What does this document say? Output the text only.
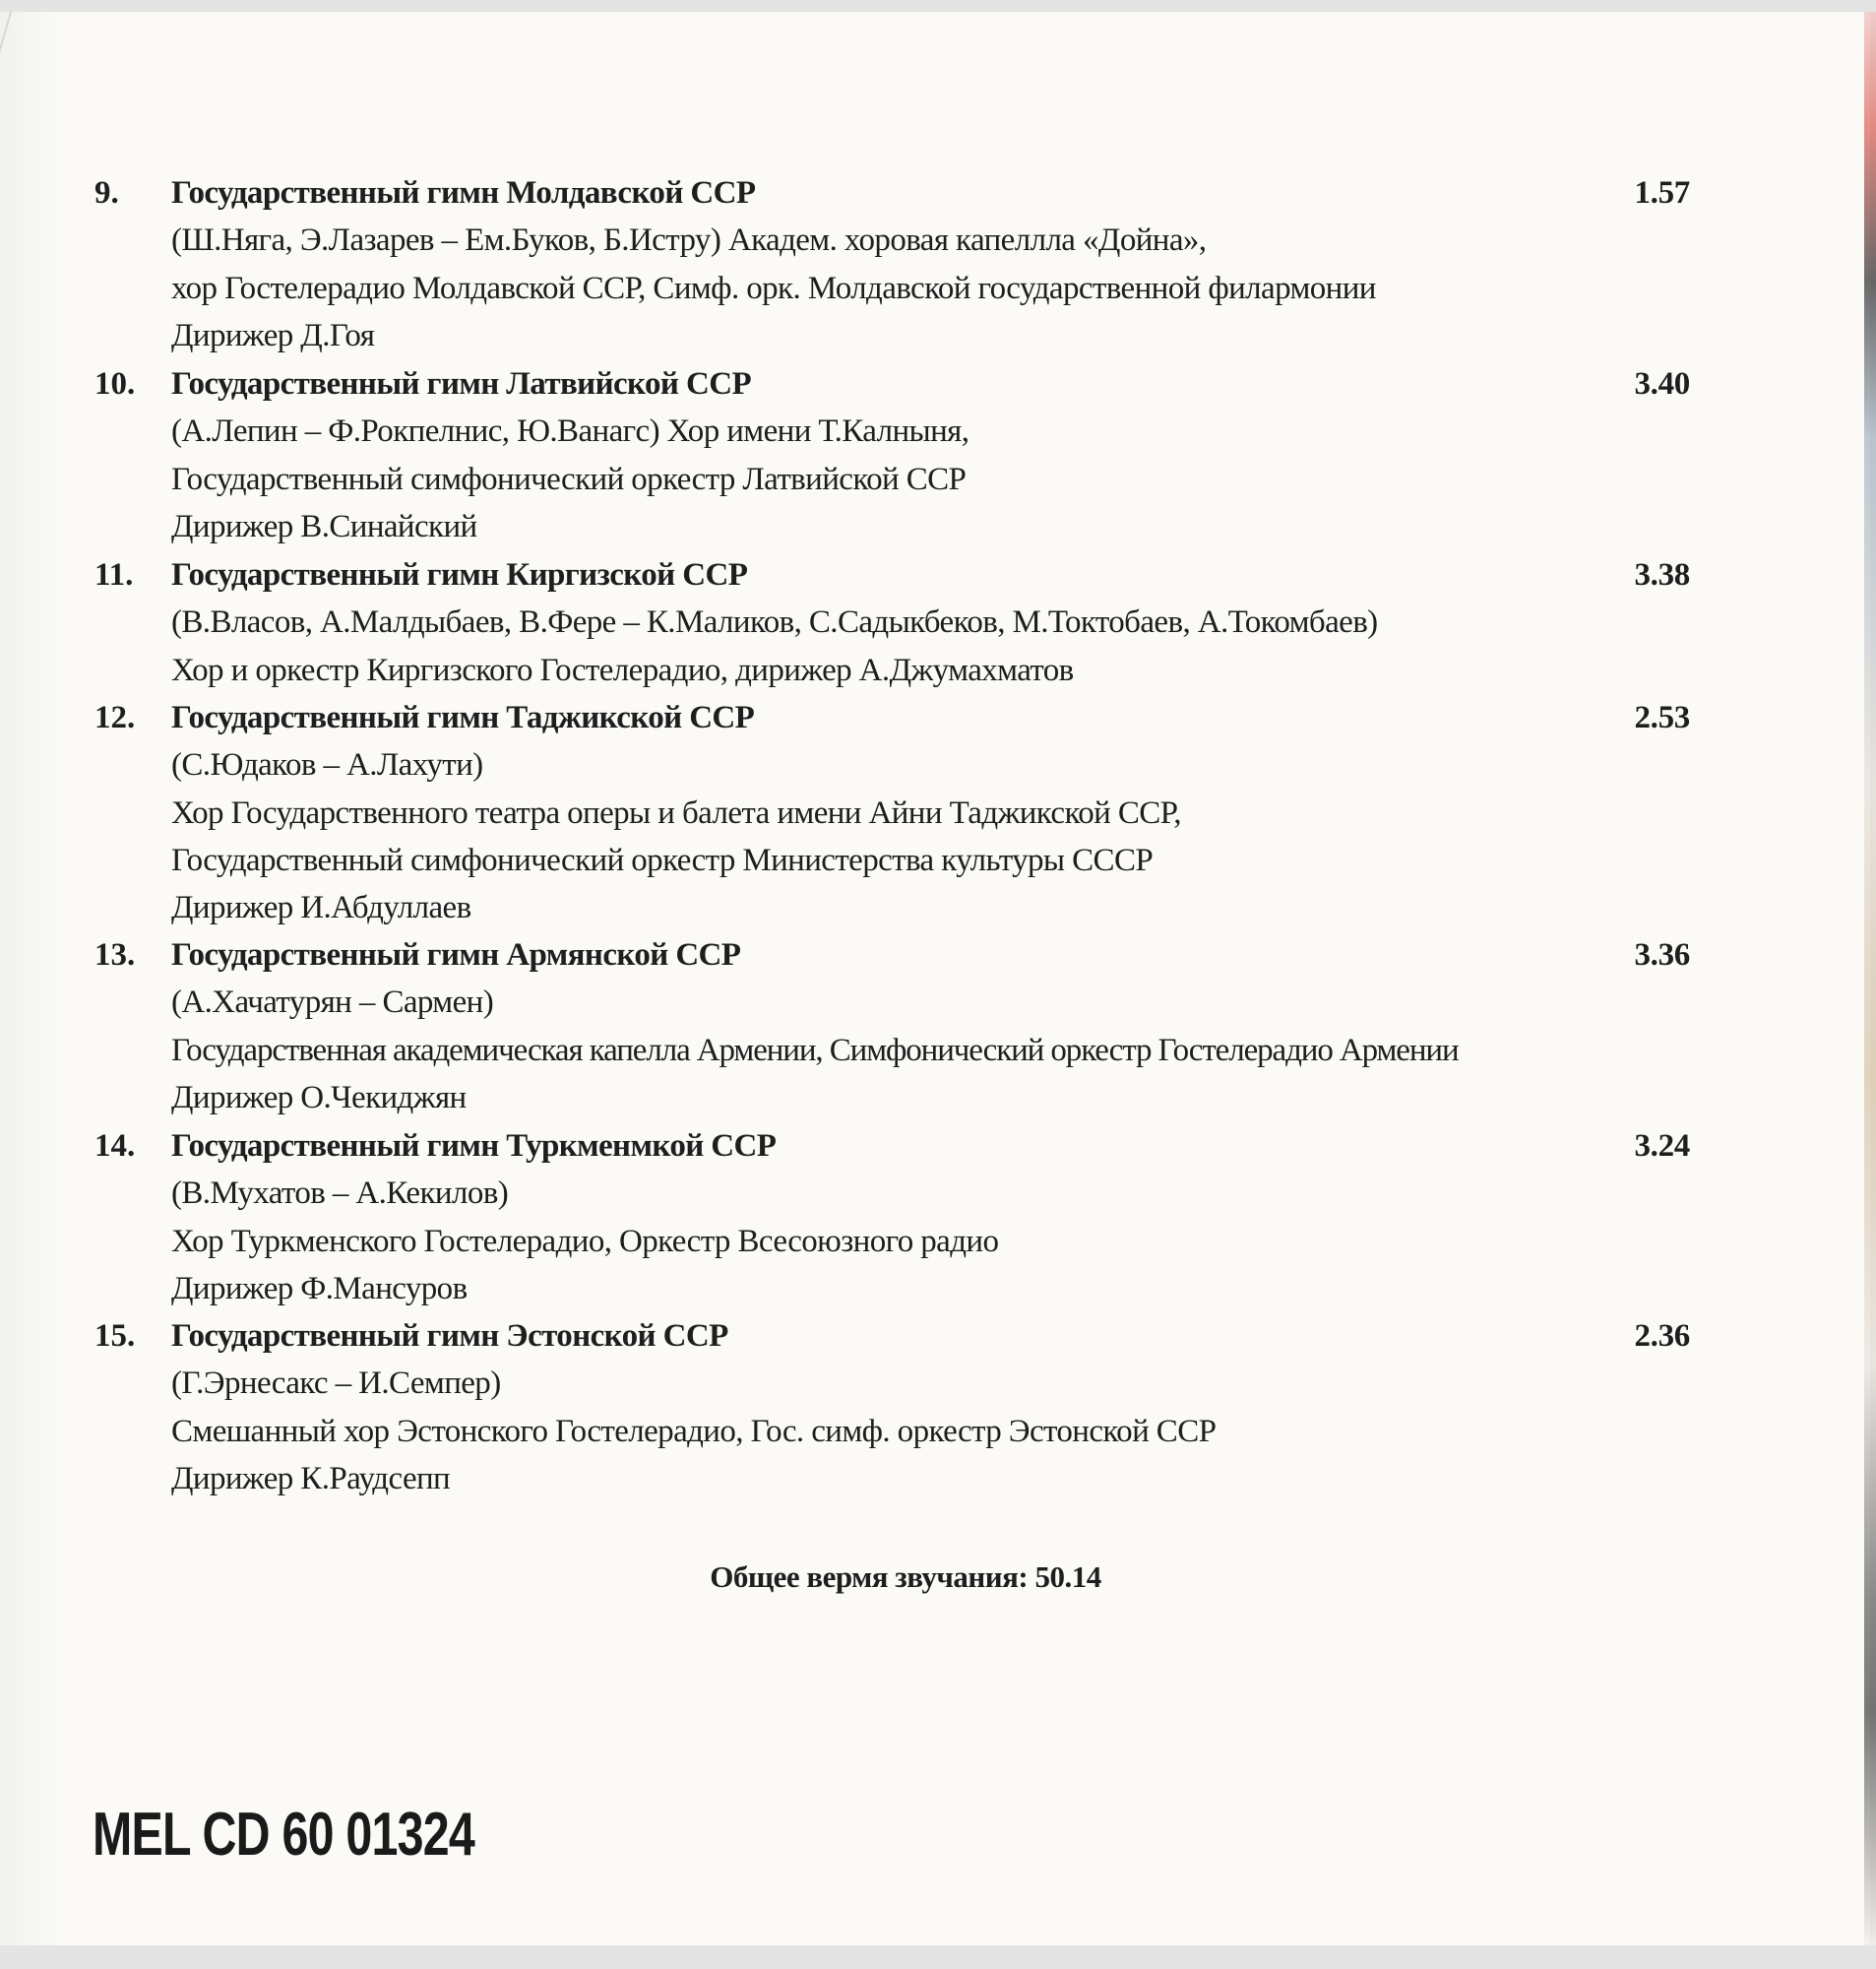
9. Государственный гимн Молдавской ССР	1.57
(Ш.Няга, Э.Лазарев – Ем.Буков, Б.Истру) Академ. хоровая капеллла «Дойна»,
хор Гостелерадио Молдавской ССР, Симф. орк. Молдавской государственной филармонии
Дирижер Д.Гоя
10. Государственный гимн Латвийской ССР	3.40
(А.Лепин – Ф.Рокпелнис, Ю.Ванагс) Хор имени Т.Калныня,
Государственный симфонический оркестр Латвийской ССР
Дирижер В.Синайский
11. Государственный гимн Киргизской ССР	3.38
(В.Власов, А.Малдыбаев, В.Фере – К.Маликов, С.Садыкбеков, М.Токтобаев, А.Токомбаев)
Хор и оркестр Киргизского Гостелерадио, дирижер А.Джумахматов
12. Государственный гимн Таджикской ССР	2.53
(С.Юдаков – А.Лахути)
Хор Государственного театра оперы и балета имени Айни Таджикской ССР,
Государственный симфонический оркестр Министерства культуры СССР
Дирижер И.Абдуллаев
13. Государственный гимн Армянской ССР	3.36
(А.Хачатурян – Сармен)
Государственная академическая капелла Армении, Симфонический оркестр Гостелерадио Армении
Дирижер О.Чекиджян
14. Государственный гимн Туркменмкой ССР	3.24
(В.Мухатов – А.Кекилов)
Хор Туркменского Гостелерадио, Оркестр Всесоюзного радио
Дирижер Ф.Мансуров
15. Государственный гимн Эстонской ССР	2.36
(Г.Эрнесакс – И.Семпер)
Смешанный хор Эстонского Гостелерадио, Гос. симф. оркестр Эстонской ССР
Дирижер К.Раудсепп
Общее вермя звучания: 50.14
MEL CD 60 01324
